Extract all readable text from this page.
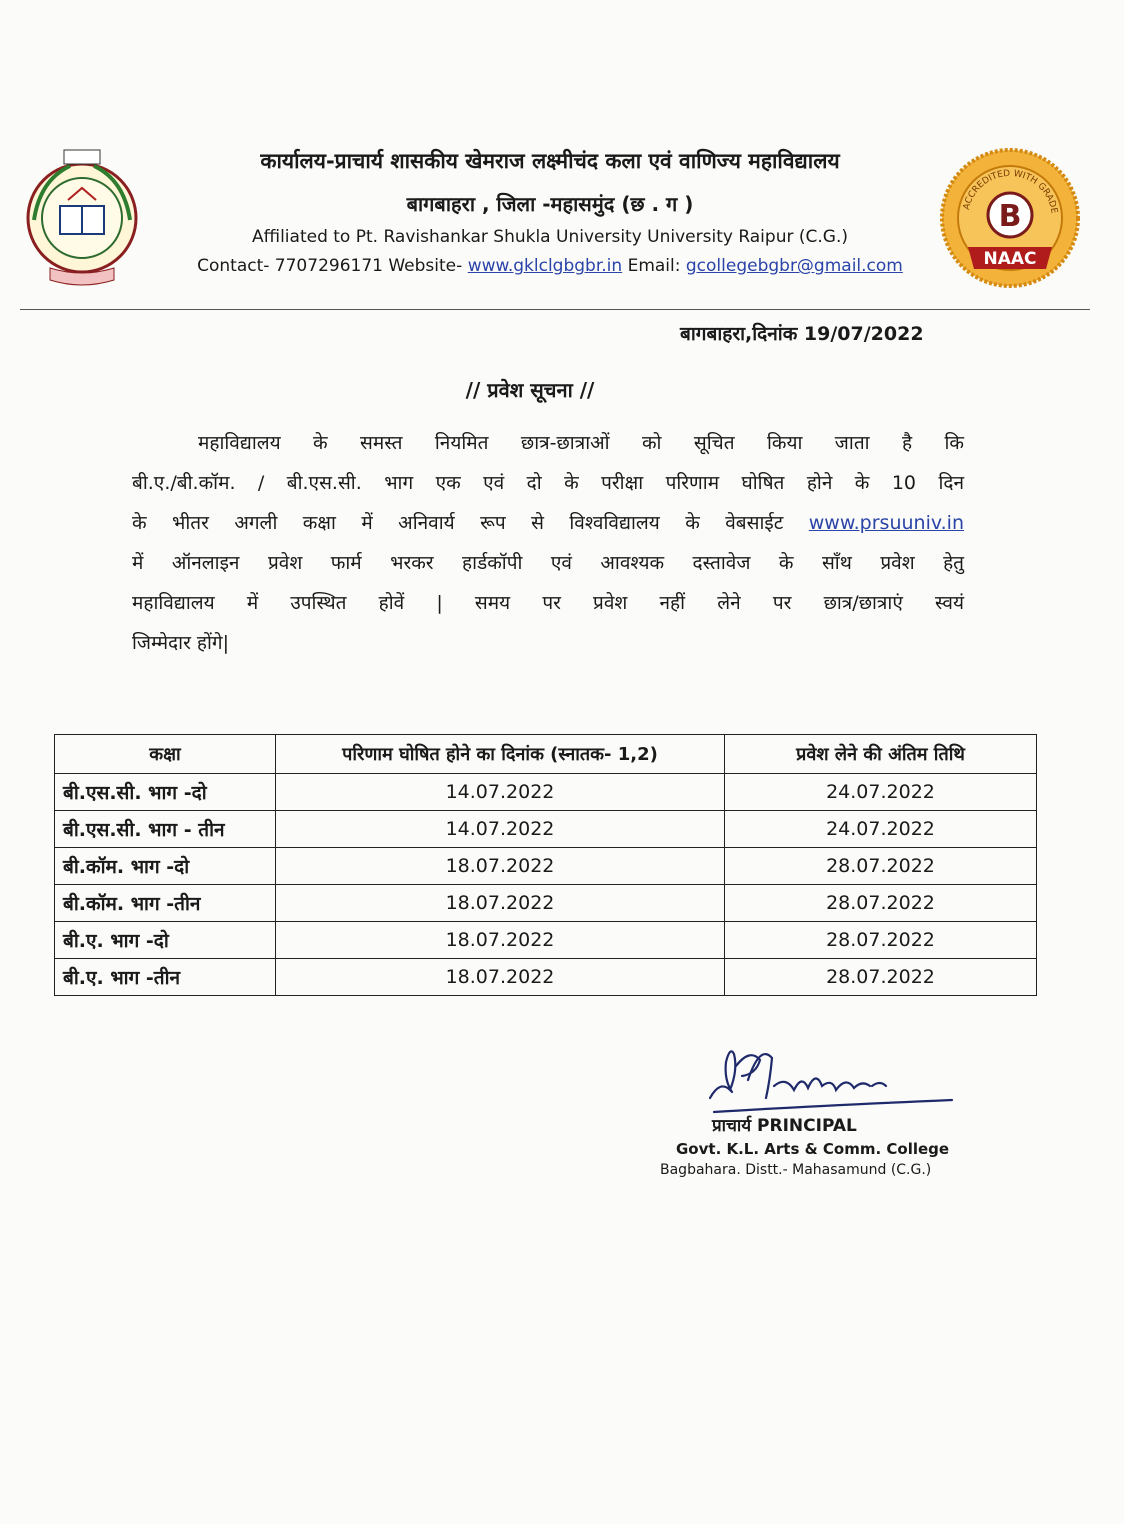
कार्यालय-प्राचार्य शासकीय खेमराज लक्ष्मीचंद कला एवं वाणिज्य महाविद्यालय
बागबाहरा , जिला -महासमुंद (छ . ग )
Affiliated to Pt. Ravishankar Shukla University University Raipur (C.G.)
Contact- 7707296171 Website- www.gklclgbgbr.in Email: gcollegebgbr@gmail.com
ACCREDITED WITH GRADE
B
NAAC
बागबाहरा,दिनांक 19/07/2022
// प्रवेश सूचना //
महाविद्यालय के समस्त नियमित छात्र-छात्राओं को सूचित किया जाता है कि
बी.ए./बी.कॉम. / बी.एस.सी. भाग एक एवं दो के परीक्षा परिणाम घोषित होने के 10 दिन
के भीतर अगली कक्षा में अनिवार्य रूप से विश्वविद्यालय के वेबसाईट www.prsuuniv.in
में ऑनलाइन प्रवेश फार्म भरकर हार्डकॉपी एवं आवश्यक दस्तावेज के साँथ प्रवेश हेतु
महाविद्यालय में उपस्थित होवें | समय पर प्रवेश नहीं लेने पर छात्र/छात्राएं स्वयं
जिम्मेदार होंगे|
कक्षा	परिणाम घोषित होने का दिनांक (स्नातक- 1,2)	प्रवेश लेने की अंतिम तिथि
बी.एस.सी. भाग -दो	14.07.2022	24.07.2022
बी.एस.सी. भाग - तीन	14.07.2022	24.07.2022
बी.कॉम. भाग -दो	18.07.2022	28.07.2022
बी.कॉम. भाग -तीन	18.07.2022	28.07.2022
बी.ए. भाग -दो	18.07.2022	28.07.2022
बी.ए. भाग -तीन	18.07.2022	28.07.2022
प्राचार्य PRINCIPAL
Govt. K.L. Arts & Comm. College
Bagbahara. Distt.- Mahasamund (C.G.)
